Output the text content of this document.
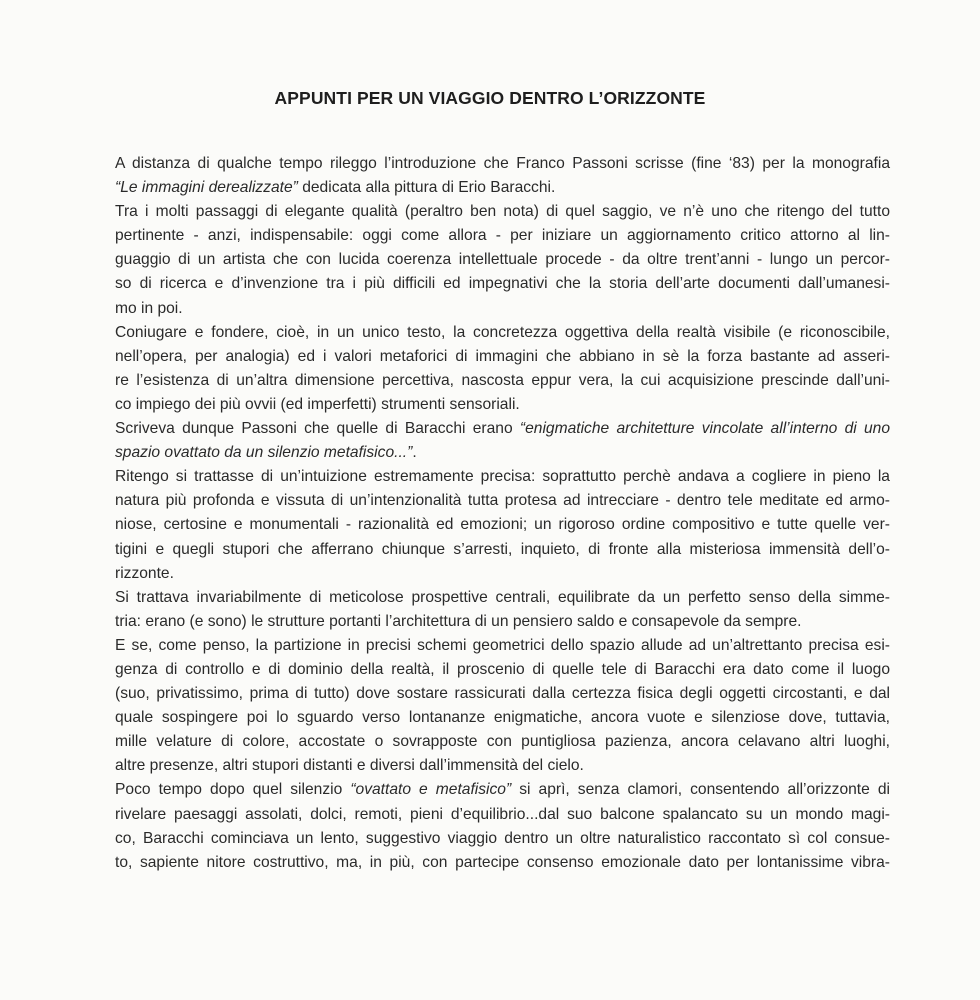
APPUNTI PER UN VIAGGIO DENTRO L’ORIZZONTE
A distanza di qualche tempo rileggo l’introduzione che Franco Passoni scrisse (fine ‘83) per la monografia
“Le immagini derealizzate” dedicata alla pittura di Erio Baracchi.
Tra i molti passaggi di elegante qualità (peraltro ben nota) di quel saggio, ve n’è uno che ritengo del tutto
pertinente - anzi, indispensabile: oggi come allora - per iniziare un aggiornamento critico attorno al lin-
guaggio di un artista che con lucida coerenza intellettuale procede - da oltre trent’anni - lungo un percor-
so di ricerca e d’invenzione tra i più difficili ed impegnativi che la storia dell’arte documenti dall’umanesi-
mo in poi.
Coniugare e fondere, cioè, in un unico testo, la concretezza oggettiva della realtà visibile (e riconoscibile,
nell’opera, per analogia) ed i valori metaforici di immagini che abbiano in sè la forza bastante ad asseri-
re l’esistenza di un’altra dimensione percettiva, nascosta eppur vera, la cui acquisizione prescinde dall’uni-
co impiego dei più ovvii (ed imperfetti) strumenti sensoriali.
Scriveva dunque Passoni che quelle di Baracchi erano “enigmatiche architetture vincolate all’interno di uno
spazio ovattato da un silenzio metafisico...”.
Ritengo si trattasse di un’intuizione estremamente precisa: soprattutto perchè andava a cogliere in pieno la
natura più profonda e vissuta di un’intenzionalità tutta protesa ad intrecciare - dentro tele meditate ed armo-
niose, certosine e monumentali - razionalità ed emozioni; un rigoroso ordine compositivo e tutte quelle ver-
tigini e quegli stupori che afferrano chiunque s’arresti, inquieto, di fronte alla misteriosa immensità dell’o-
rizzonte.
Si trattava invariabilmente di meticolose prospettive centrali, equilibrate da un perfetto senso della simme-
tria: erano (e sono) le strutture portanti l’architettura di un pensiero saldo e consapevole da sempre.
E se, come penso, la partizione in precisi schemi geometrici dello spazio allude ad un’altrettanto precisa esi-
genza di controllo e di dominio della realtà, il proscenio di quelle tele di Baracchi era dato come il luogo
(suo, privatissimo, prima di tutto) dove sostare rassicurati dalla certezza fisica degli oggetti circostanti, e dal
quale sospingere poi lo sguardo verso lontananze enigmatiche, ancora vuote e silenziose dove, tuttavia,
mille velature di colore, accostate o sovrapposte con puntigliosa pazienza, ancora celavano altri luoghi,
altre presenze, altri stupori distanti e diversi dall’immensità del cielo.
Poco tempo dopo quel silenzio “ovattato e metafisico” si aprì, senza clamori, consentendo all’orizzonte di
rivelare paesaggi assolati, dolci, remoti, pieni d’equilibrio...dal suo balcone spalancato su un mondo magi-
co, Baracchi cominciava un lento, suggestivo viaggio dentro un oltre naturalistico raccontato sì col consue-
to, sapiente nitore costruttivo, ma, in più, con partecipe consenso emozionale dato per lontanissime vibra-
